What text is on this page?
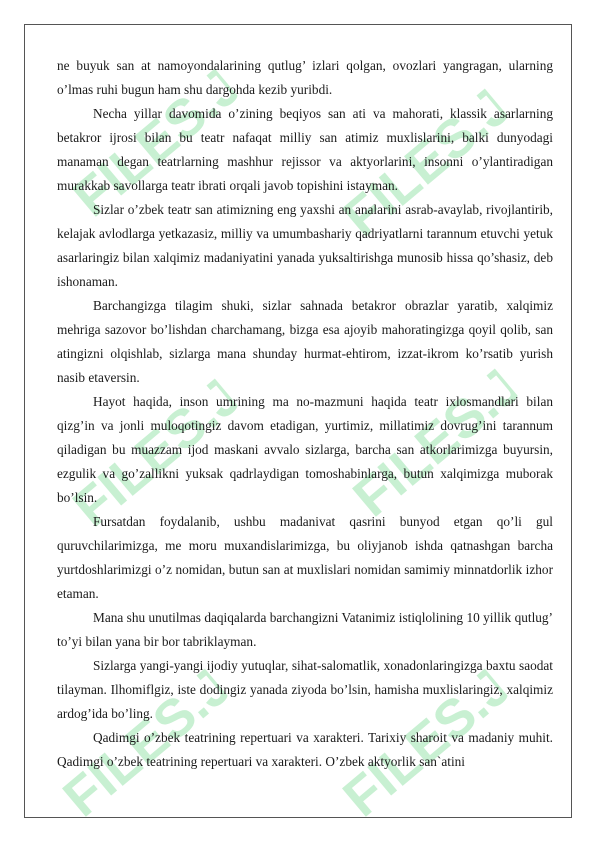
FILES.JOB FILES.JOB
FILES.JOB FILES.JOB
FILES.JOB FILES.JOB

ne buyuk san at namoyondalarining qutlug’ izlari qolgan, ovozlari yangragan, ularning o’lmas ruhi bugun ham shu dargohda kezib yuribdi.

Necha yillar davomida o’zining beqiyos san ati va mahorati, klassik asarlarning betakror ijrosi bilan bu teatr nafaqat milliy san atimiz muxlislarini, balki dunyodagi manaman degan teatrlarning mashhur rejissor va aktyorlarini, insonni o’ylantiradigan murakkab savollarga teatr ibrati orqali javob topishini istayman.

Sizlar o’zbek teatr san atimizning eng yaxshi an analarini asrab-avaylab, rivojlantirib, kelajak avlodlarga yetkazasiz, milliy va umumbashariy qadriyatlarni tarannum etuvchi yetuk asarlaringiz bilan xalqimiz madaniyatini yanada yuksaltirishga munosib hissa qo’shasiz, deb ishonaman.

Barchangizga tilagim shuki, sizlar sahnada betakror obrazlar yaratib, xalqimiz mehriga sazovor bo’lishdan charchamang, bizga esa ajoyib mahoratingizga qoyil qolib, san atingizni olqishlab, sizlarga mana shunday hurmat-ehtirom, izzat-ikrom ko’rsatib yurish nasib etaversin.

Hayot haqida, inson umrining ma no-mazmuni haqida teatr ixlosmandlari bilan qizg’in va jonli muloqotingiz davom etadigan, yurtimiz, millatimiz dovrug’ini tarannum qiladigan bu muazzam ijod maskani avvalo sizlarga, barcha san atkorlarimizga buyursin, ezgulik va go’zallikni yuksak qadrlaydigan tomoshabinlarga, butun xalqimizga muborak bo’lsin.

Fursatdan foydalanib, ushbu madanivat qasrini bunyod etgan qo’li gul quruvchilarimizga, me moru muxandislarimizga, bu oliyjanob ishda qatnashgan barcha yurtdoshlarimizgi o’z nomidan, butun san at muxlislari nomidan samimiy minnatdorlik izhor etaman.

Mana shu unutilmas daqiqalarda barchangizni Vatanimiz istiqlolining 10 yillik qutlug’ to’yi bilan yana bir bor tabriklayman.

Sizlarga yangi-yangi ijodiy yutuqlar, sihat-salomatlik, xonadonlaringizga baxtu saodat tilayman. Ilhomiflgiz, iste dodingiz yanada ziyoda bo’lsin, hamisha muxlislaringiz, xalqimiz ardog’ida bo’ling.

Qadimgi o’zbek teatrining repertuari va xarakteri. Tarixiy sharoit va madaniy muhit. Qadimgi o’zbek teatrining repertuari va xarakteri. O’zbek aktyorlik san`atini
